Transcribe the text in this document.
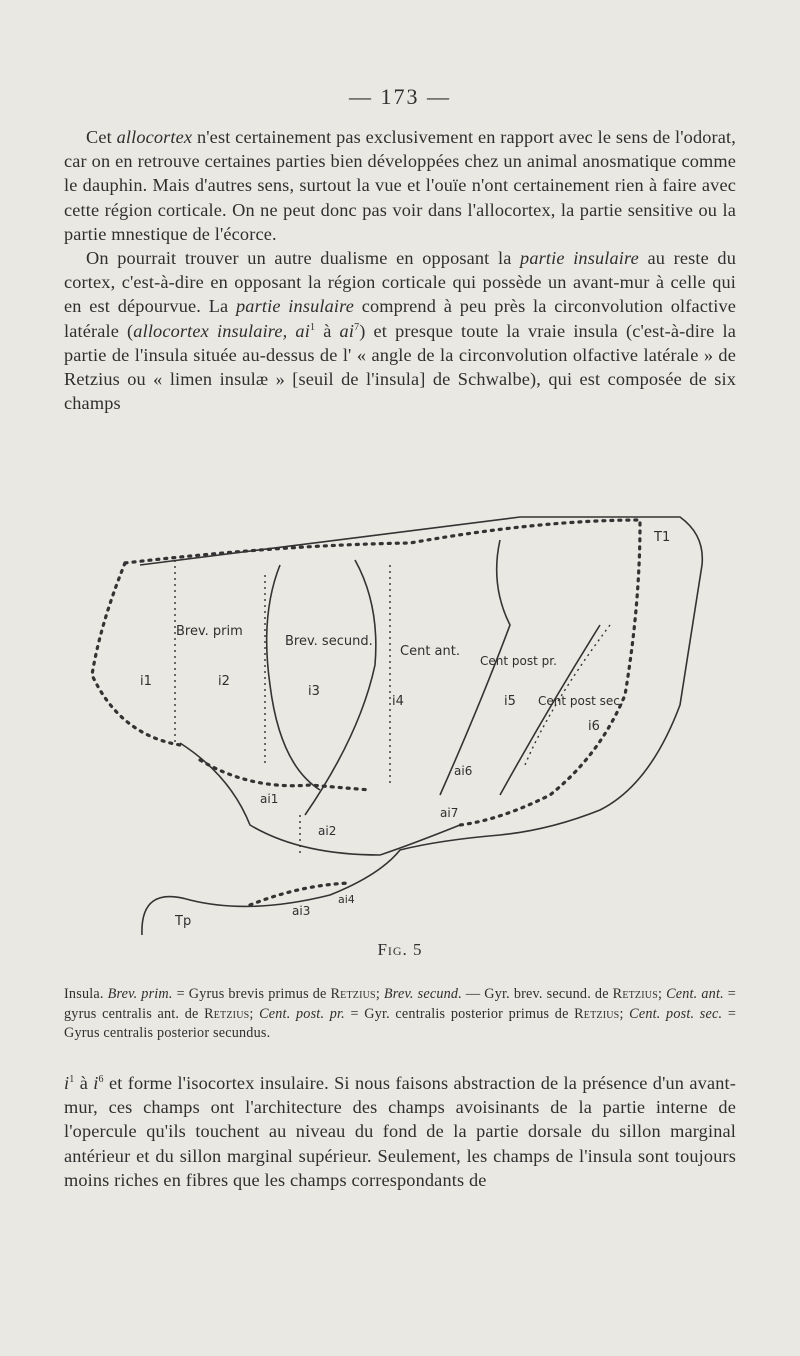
— 173 —

Cet allocortex n'est certainement pas exclusivement en rapport avec le sens de l'odorat, car on en retrouve certaines parties bien développées chez un animal anosmatique comme le dauphin. Mais d'autres sens, surtout la vue et l'ouïe n'ont certainement rien à faire avec cette région corticale. On ne peut donc pas voir dans l'allocortex, la partie sensitive ou la partie mnestique de l'écorce.

On pourrait trouver un autre dualisme en opposant la partie insulaire au reste du cortex, c'est-à-dire en opposant la région corticale qui possède un avant-mur à celle qui en est dépourvue. La partie insulaire comprend à peu près la circonvolution olfactive latérale (allocortex insulaire, $ai^1$ à $ai^7$) et presque toute la vraie insula (c'est-à-dire la partie de l'insula située au-dessus de l' « angle de la circonvolution olfactive latérale » de Retzius ou « limen insulæ » [seuil de l'insula] de Schwalbe), qui est composée de six champs

Brev. prim
Brev. secund.
Cent ant.
Cent post pr.
Cent post sec.
i1	i2
i3
i4	i5
i6
ai1
ai2
ai3
ai4
ai6
ai7
T1
Tp
Fig. 5
Insula. Brev. prim. = Gyrus brevis primus de Retzius; Brev. secund. — Gyr. brev. secund. de Retzius; Cent. ant. = gyrus centralis ant. de Retzius; Cent. post. pr. = Gyr. centralis posterior primus de Retzius; Cent. post. sec. = Gyrus centralis posterior secundus.

$i^1$ à $i^6$ et forme l'isocortex insulaire. Si nous faisons abstraction de la présence d'un avant-mur, ces champs ont l'architecture des champs avoisinants de la partie interne de l'opercule qu'ils touchent au niveau du fond de la partie dorsale du sillon marginal antérieur et du sillon marginal supérieur. Seulement, les champs de l'insula sont toujours moins riches en fibres que les champs correspondants de
